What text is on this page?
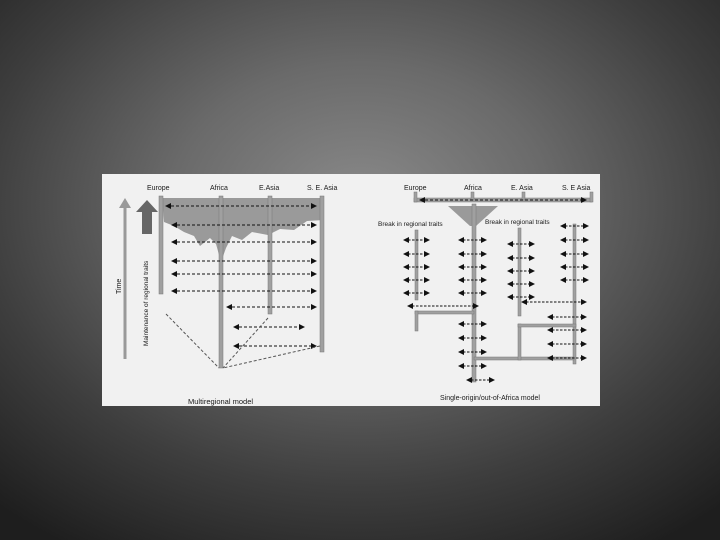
Time	Maintenance of regional traits
Europe	Africa	E.Asia	S. E. Asia
Multiregional model
Europe	Africa	E. Asia	S. E Asia
Break in regional traits	Break in regional traits
Single-origin/out-of-Africa model
